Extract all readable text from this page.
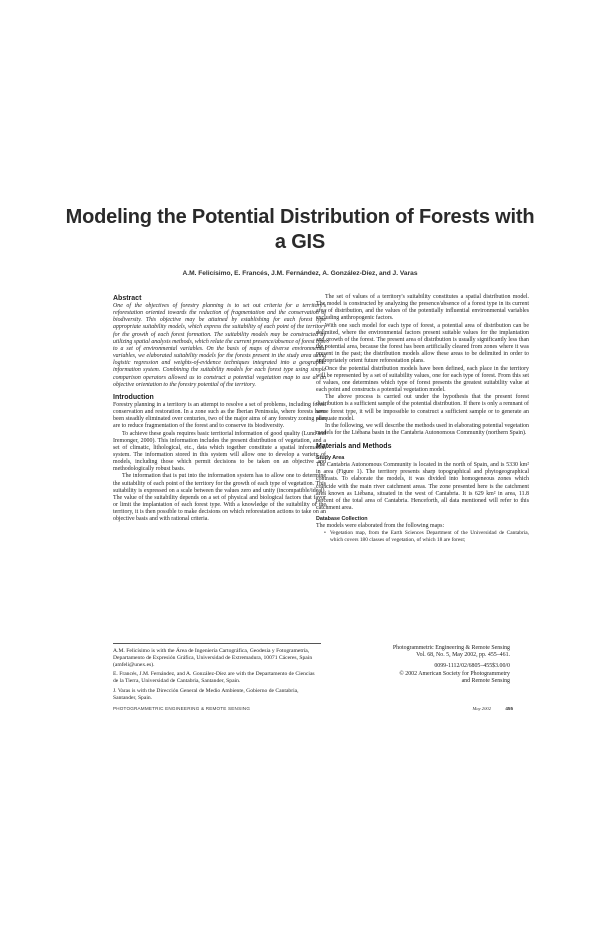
Modeling the Potential Distribution of Forests with a GIS
A.M. Felicísimo, E. Francés, J.M. Fernández, A. González-Díez, and J. Varas
Abstract

One of the objectives of forestry planning is to set out criteria for a territory's reforestation oriented towards the reduction of fragmentation and the conservation of biodiversity. This objective may be attained by establishing for each forest type appropriate suitability models, which express the suitability of each point of the territory for the growth of each forest formation. The suitability models may be constructed by utilizing spatial analysis methods, which relate the current presence/absence of forest type to a set of environmental variables. On the basis of maps of diverse environmental variables, we elaborated suitability models for the forests present in the study area using logistic regression and weights-of-evidence techniques integrated into a geographic information system. Combining the suitability models for each forest type using simple comparison operators allowed us to construct a potential vegetation map to use as an objective orientation to the forestry potential of the territory.

Introduction

Forestry planning in a territory is an attempt to resolve a set of problems, including forest conservation and restoration. In a zone such as the Iberian Peninsula, where forests have been steadily eliminated over centuries, two of the major aims of any forestry zoning plan are to reduce fragmentation of the forest and to conserve its biodiversity.

To achieve these goals requires basic territorial information of good quality (Lund and Iremonger, 2000). This information includes the present distribution of vegetation, and a set of climatic, lithological, etc., data which together constitute a spatial information system. The information stored in this system will allow one to develop a variety of models, including those which permit decisions to be taken on an objective and methodologically robust basis.

The information that is put into the information system has to allow one to determine the suitability of each point of the territory for the growth of each type of vegetation. This suitability is expressed on a scale between the values zero and unity (incompatible/ideal). The value of the suitability depends on a set of physical and biological factors that favor or limit the implantation of each forest type. With a knowledge of the suitability of the territory, it is then possible to make decisions on which reforestation actions to take on an objective basis and with rational criteria.

The set of values of a territory's suitability constitutes a spatial distribution model. The model is constructed by analyzing the presence/absence of a forest type in its current area of distribution, and the values of the potentially influential environmental variables excluding anthropogenic factors.

With one such model for each type of forest, a potential area of distribution can be delimited, where the environmental factors present suitable values for the implantation and growth of the forest. The present area of distribution is usually significantly less than the potential area, because the forest has been artificially cleared from zones where it was present in the past; the distribution models allow these areas to be delimited in order to appropriately orient future reforestation plans.

Once the potential distribution models have been defined, each place in the territory will be represented by a set of suitability values, one for each type of forest. From this set of values, one determines which type of forest presents the greatest suitability value at each point and constructs a potential vegetation model.

The above process is carried out under the hypothesis that the present forest distribution is a sufficient sample of the potential distribution. If there is only a remnant of some forest type, it will be impossible to construct a sufficient sample or to generate an adequate model.

In the following, we will describe the methods used in elaborating potential vegetation models for the Liébana basin in the Cantabria Autonomous Community (northern Spain).

Materials and Methods
Study Area

The Cantabria Autonomous Community is located in the north of Spain, and is 5330 km² in area (Figure 1). The territory presents sharp topographical and phytogeographical contrasts. To elaborate the models, it was divided into homogeneous zones which coincide with the main river catchment areas. The zone presented here is the catchment area known as Liébana, situated in the west of Cantabria. It is 629 km² in area, 11.8 percent of the total area of Cantabria. Henceforth, all data mentioned will refer to this catchment area.

Database Collection

The models were elaborated from the following maps:

• Vegetation map, from the Earth Sciences Department of the Universidad de Cantabria, which covers 180 classes of vegetation, of which 18 are forest;

A.M. Felicísimo is with the Área de Ingeniería Cartográfica, Geodesia y Fotogrametría, Departamento de Expresión Gráfica, Universidad de Extremadura, 10071 Cáceres, Spain (amfeli@unex.es).

E. Francés, J.M. Fernández, and A. González-Díez are with the Departamento de Ciencias de la Tierra, Universidad de Cantabria, Santander, Spain.

J. Varas is with the Dirección General de Medio Ambiente, Gobierno de Cantabria, Santander, Spain.

Photogrammetric Engineering & Remote Sensing
Vol. 68, No. 5, May 2002, pp. 455–461.
0099-1112/02/6805–455$3.00/0
© 2002 American Society for Photogrammetry
and Remote Sensing
PHOTOGRAMMETRIC ENGINEERING & REMOTE SENSING	May 2002	455
